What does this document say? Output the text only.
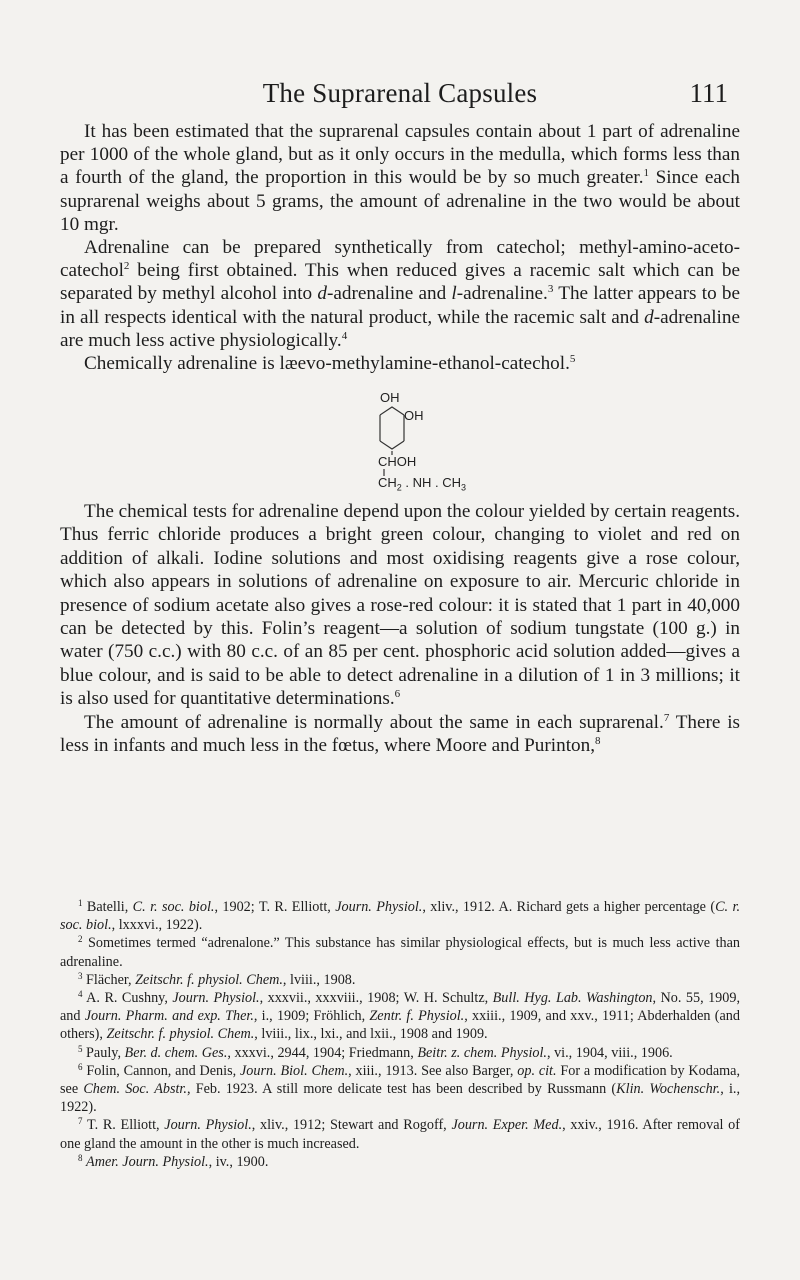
The Suprarenal Capsules	111

It has been estimated that the suprarenal capsules contain about 1 part of adrenaline per 1000 of the whole gland, but as it only occurs in the medulla, which forms less than a fourth of the gland, the proportion in this would be by so much greater.$^1$ Since each suprarenal weighs about 5 grams, the amount of adrenaline in the two would be about 10 mgr.

Adrenaline can be prepared synthetically from catechol; methyl-amino-aceto-catechol$^2$ being first obtained. This when reduced gives a racemic salt which can be separated by methyl alcohol into d-adrenaline and l-adrenaline.$^3$ The latter appears to be in all respects identical with the natural product, while the racemic salt and d-adrenaline are much less active physiologically.$^4$

Chemically adrenaline is læevo-methylamine-ethanol-catechol.$^5$

OH
OH
CHOH
$CH_2$ . NH . $CH_3$

The chemical tests for adrenaline depend upon the colour yielded by certain reagents. Thus ferric chloride produces a bright green colour, changing to violet and red on addition of alkali. Iodine solutions and most oxidising reagents give a rose colour, which also appears in solutions of adrenaline on exposure to air. Mercuric chloride in presence of sodium acetate also gives a rose-red colour: it is stated that 1 part in 40,000 can be detected by this. Folin’s reagent—a solution of sodium tungstate (100 g.) in water (750 c.c.) with 80 c.c. of an 85 per cent. phosphoric acid solution added—gives a blue colour, and is said to be able to detect adrenaline in a dilution of 1 in 3 millions; it is also used for quantitative determinations.$^6$

The amount of adrenaline is normally about the same in each suprarenal.$^7$ There is less in infants and much less in the fœtus, where Moore and Purinton,$^8$

$^1$ Batelli, C. r. soc. biol., 1902; T. R. Elliott, Journ. Physiol., xliv., 1912. A. Richard gets a higher percentage (C. r. soc. biol., lxxxvi., 1922).

$^2$ Sometimes termed “adrenalone.” This substance has similar physiological effects, but is much less active than adrenaline.

$^3$ Flächer, Zeitschr. f. physiol. Chem., lviii., 1908.

$^4$ A. R. Cushny, Journ. Physiol., xxxvii., xxxviii., 1908; W. H. Schultz, Bull. Hyg. Lab. Washington, No. 55, 1909, and Journ. Pharm. and exp. Ther., i., 1909; Fröhlich, Zentr. f. Physiol., xxiii., 1909, and xxv., 1911; Abderhalden (and others), Zeitschr. f. physiol. Chem., lviii., lix., lxi., and lxii., 1908 and 1909.

$^5$ Pauly, Ber. d. chem. Ges., xxxvi., 2944, 1904; Friedmann, Beitr. z. chem. Physiol., vi., 1904, viii., 1906.

$^6$ Folin, Cannon, and Denis, Journ. Biol. Chem., xiii., 1913. See also Barger, op. cit. For a modification by Kodama, see Chem. Soc. Abstr., Feb. 1923. A still more delicate test has been described by Russmann (Klin. Wochenschr., i., 1922).

$^7$ T. R. Elliott, Journ. Physiol., xliv., 1912; Stewart and Rogoff, Journ. Exper. Med., xxiv., 1916. After removal of one gland the amount in the other is much increased.

$^8$ Amer. Journ. Physiol., iv., 1900.
